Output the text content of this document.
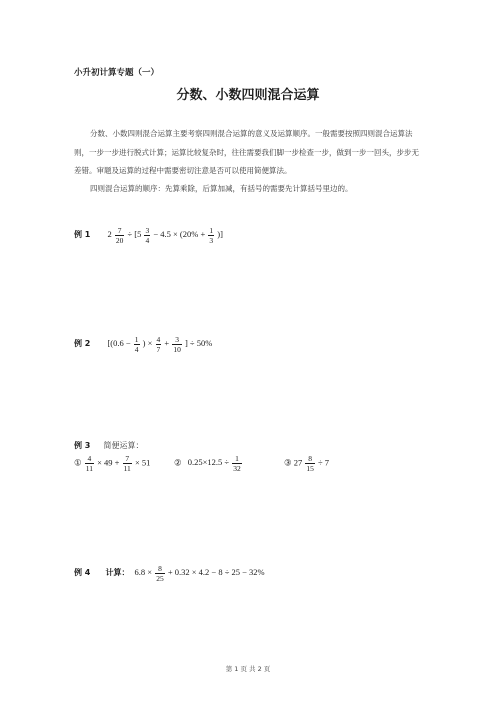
小升初计算专题（一）
分数、小数四则混合运算
分数、小数四则混合运算主要考察四则混合运算的意义及运算顺序。一般需要按照四则混合运算法则，一步一步进行脱式计算；运算比较复杂时，往往需要我们脚一步检查一步，做到一步一回头，步步无差错。审题及运算的过程中需要密切注意是否可以使用简便算法。
四则混合运算的顺序：先算乘除，后算加减，有括号的需要先计算括号里边的。
例 1 $2 \frac{7}{20} \div [5 \frac{3}{4} - 4.5 \times (20\% + \frac{1}{3}$ )]
例 2 [($0.6 - \frac{1}{4}$ ) × $\frac{4}{7} + \frac{3}{10}$ ] ÷ 50%
例 3 简便运算：
① $\frac{4}{11} \times 49 + \frac{7}{11} \times 51$	② $0.25\times 12.5 \div \frac{1}{32}$	③ $27 \frac{8}{15} \div 7$
例 4 计算： $6.8 \times \frac{8}{25} + 0.32 \times 4.2 - 8 \div 25 - 32\%$
第 1 页 共 2 页
